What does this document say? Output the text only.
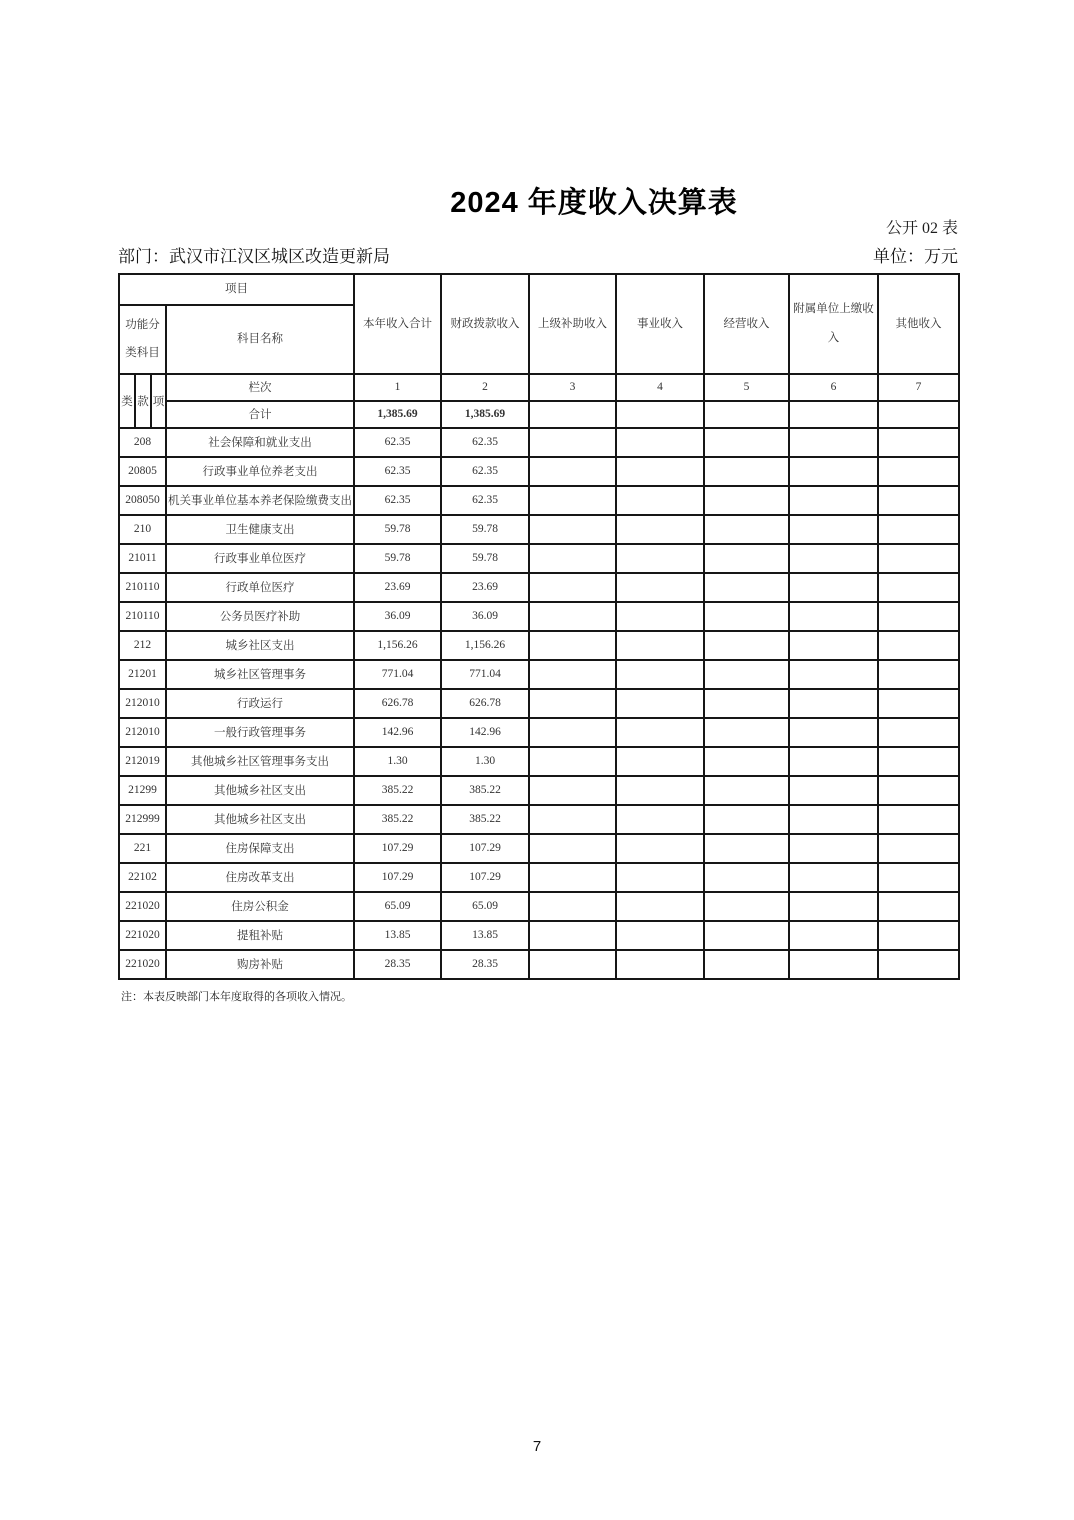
2024 年度收入决算表
公开 02 表
部门：武汉市江汉区城区改造更新局	单位：万元
项目				本年收入合计	财政拨款收入	上级补助收入	事业收入	经营收入	附属单位上缴收入	其他收入
功能分类科目			科目名称							
类	款	项	栏次	1	2	3	4	5	6	7
			合计	1,385.69	1,385.69					
208			社会保障和就业支出	62.35	62.35					
20805			行政事业单位养老支出	62.35	62.35					
208050			机关事业单位基本养老保险缴费支出	62.35	62.35					
210			卫生健康支出	59.78	59.78					
21011			行政事业单位医疗	59.78	59.78					
210110			行政单位医疗	23.69	23.69					
210110			公务员医疗补助	36.09	36.09					
212			城乡社区支出	1,156.26	1,156.26					
21201			城乡社区管理事务	771.04	771.04					
212010			行政运行	626.78	626.78					
212010			一般行政管理事务	142.96	142.96					
212019			其他城乡社区管理事务支出	1.30	1.30					
21299			其他城乡社区支出	385.22	385.22					
212999			其他城乡社区支出	385.22	385.22					
221			住房保障支出	107.29	107.29					
22102			住房改革支出	107.29	107.29					
221020			住房公积金	65.09	65.09					
221020			提租补贴	13.85	13.85					
221020			购房补贴	28.35	28.35					
注：本表反映部门本年度取得的各项收入情况。
7
